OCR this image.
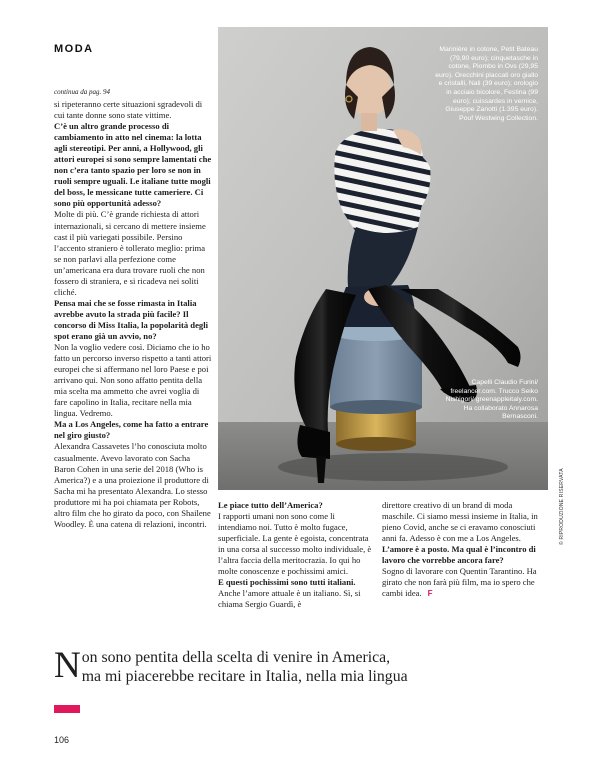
MODA
continua da pag. 94

si ripeteranno certe situazioni sgradevoli di cui tante donne sono state vittime.

C’è un altro grande processo di cambiamento in atto nel cinema: la lotta agli stereotipi. Per anni, a Hollywood, gli attori europei si sono sempre lamentati che non c’era tanto spazio per loro se non in ruoli sempre uguali. Le italiane tutte mogli del boss, le messicane tutte cameriere. Ci sono più opportunità adesso?

Molte di più. C’è grande richiesta di attori internazionali, si cercano di mettere insieme cast il più variegati possibile. Persino l’accento straniero è tollerato meglio: prima se non parlavi alla perfezione come un’americana era dura trovare ruoli che non fossero di straniera, e si ricadeva nei soliti cliché.

Pensa mai che se fosse rimasta in Italia avrebbe avuto la strada più facile? Il concorso di Miss Italia, la popolarità degli spot erano già un avvio, no?

Non la voglio vedere così. Diciamo che io ho fatto un percorso inverso rispetto a tanti attori europei che si affermano nel loro Paese e poi arrivano qui. Non sono affatto pentita della mia scelta ma ammetto che avrei voglia di fare capolino in Italia, recitare nella mia lingua. Vedremo.

Ma a Los Angeles, come ha fatto a entrare nel giro giusto?

Alexandra Cassavetes l’ho conosciuta molto casualmente. Avevo lavorato con Sacha Baron Cohen in una serie del 2018 (Who is America?) e a una proiezione il produttore di Sacha mi ha presentato Alexandra. Lo stesso produttore mi ha poi chiamata per Robots, altro film che ho girato da poco, con Shailene Woodley. È una catena di relazioni, incontri.

Marinière in cotone, Petit Bateau (79,90 euro); cinquetasche in cotone, Piombo in Ovs (29,95 euro). Orecchini placcati oro giallo e cristalli, Nali (39 euro); orologio in acciaio bicolore, Festina (99 euro); cuissardes in vernice, Giuseppe Zanotti (1.395 euro). Pouf Westwing Collection.
Capelli Claudio Furini/ freelancer.com. Trucco Seiko Nishigori/ greenappleitaly.com. Ha collaborato Annarosa Bernasconi.
© RIPRODUZIONE RISERVATA

Le piace tutto dell’America?

I rapporti umani non sono come li intendiamo noi. Tutto è molto fugace, superficiale. La gente è egoista, concentrata in una corsa al successo molto individuale, è l’altra faccia della meritocrazia. Io qui ho molte conoscenze e pochissimi amici.

E questi pochissimi sono tutti italiani.

Anche l’amore attuale è un italiano. Sì, si chiama Sergio Guardì, è

direttore creativo di un brand di moda maschile. Ci siamo messi insieme in Italia, in pieno Covid, anche se ci eravamo conosciuti anni fa. Adesso è con me a Los Angeles.

L’amore è a posto. Ma qual è l’incontro di lavoro che vorrebbe ancora fare?

Sogno di lavorare con Quentin Tarantino. Ha girato che non farà più film, ma io spero che cambi idea. F

N on sono pentita della scelta di venire in America,
ma mi piacerebbe recitare in Italia, nella mia lingua
106
